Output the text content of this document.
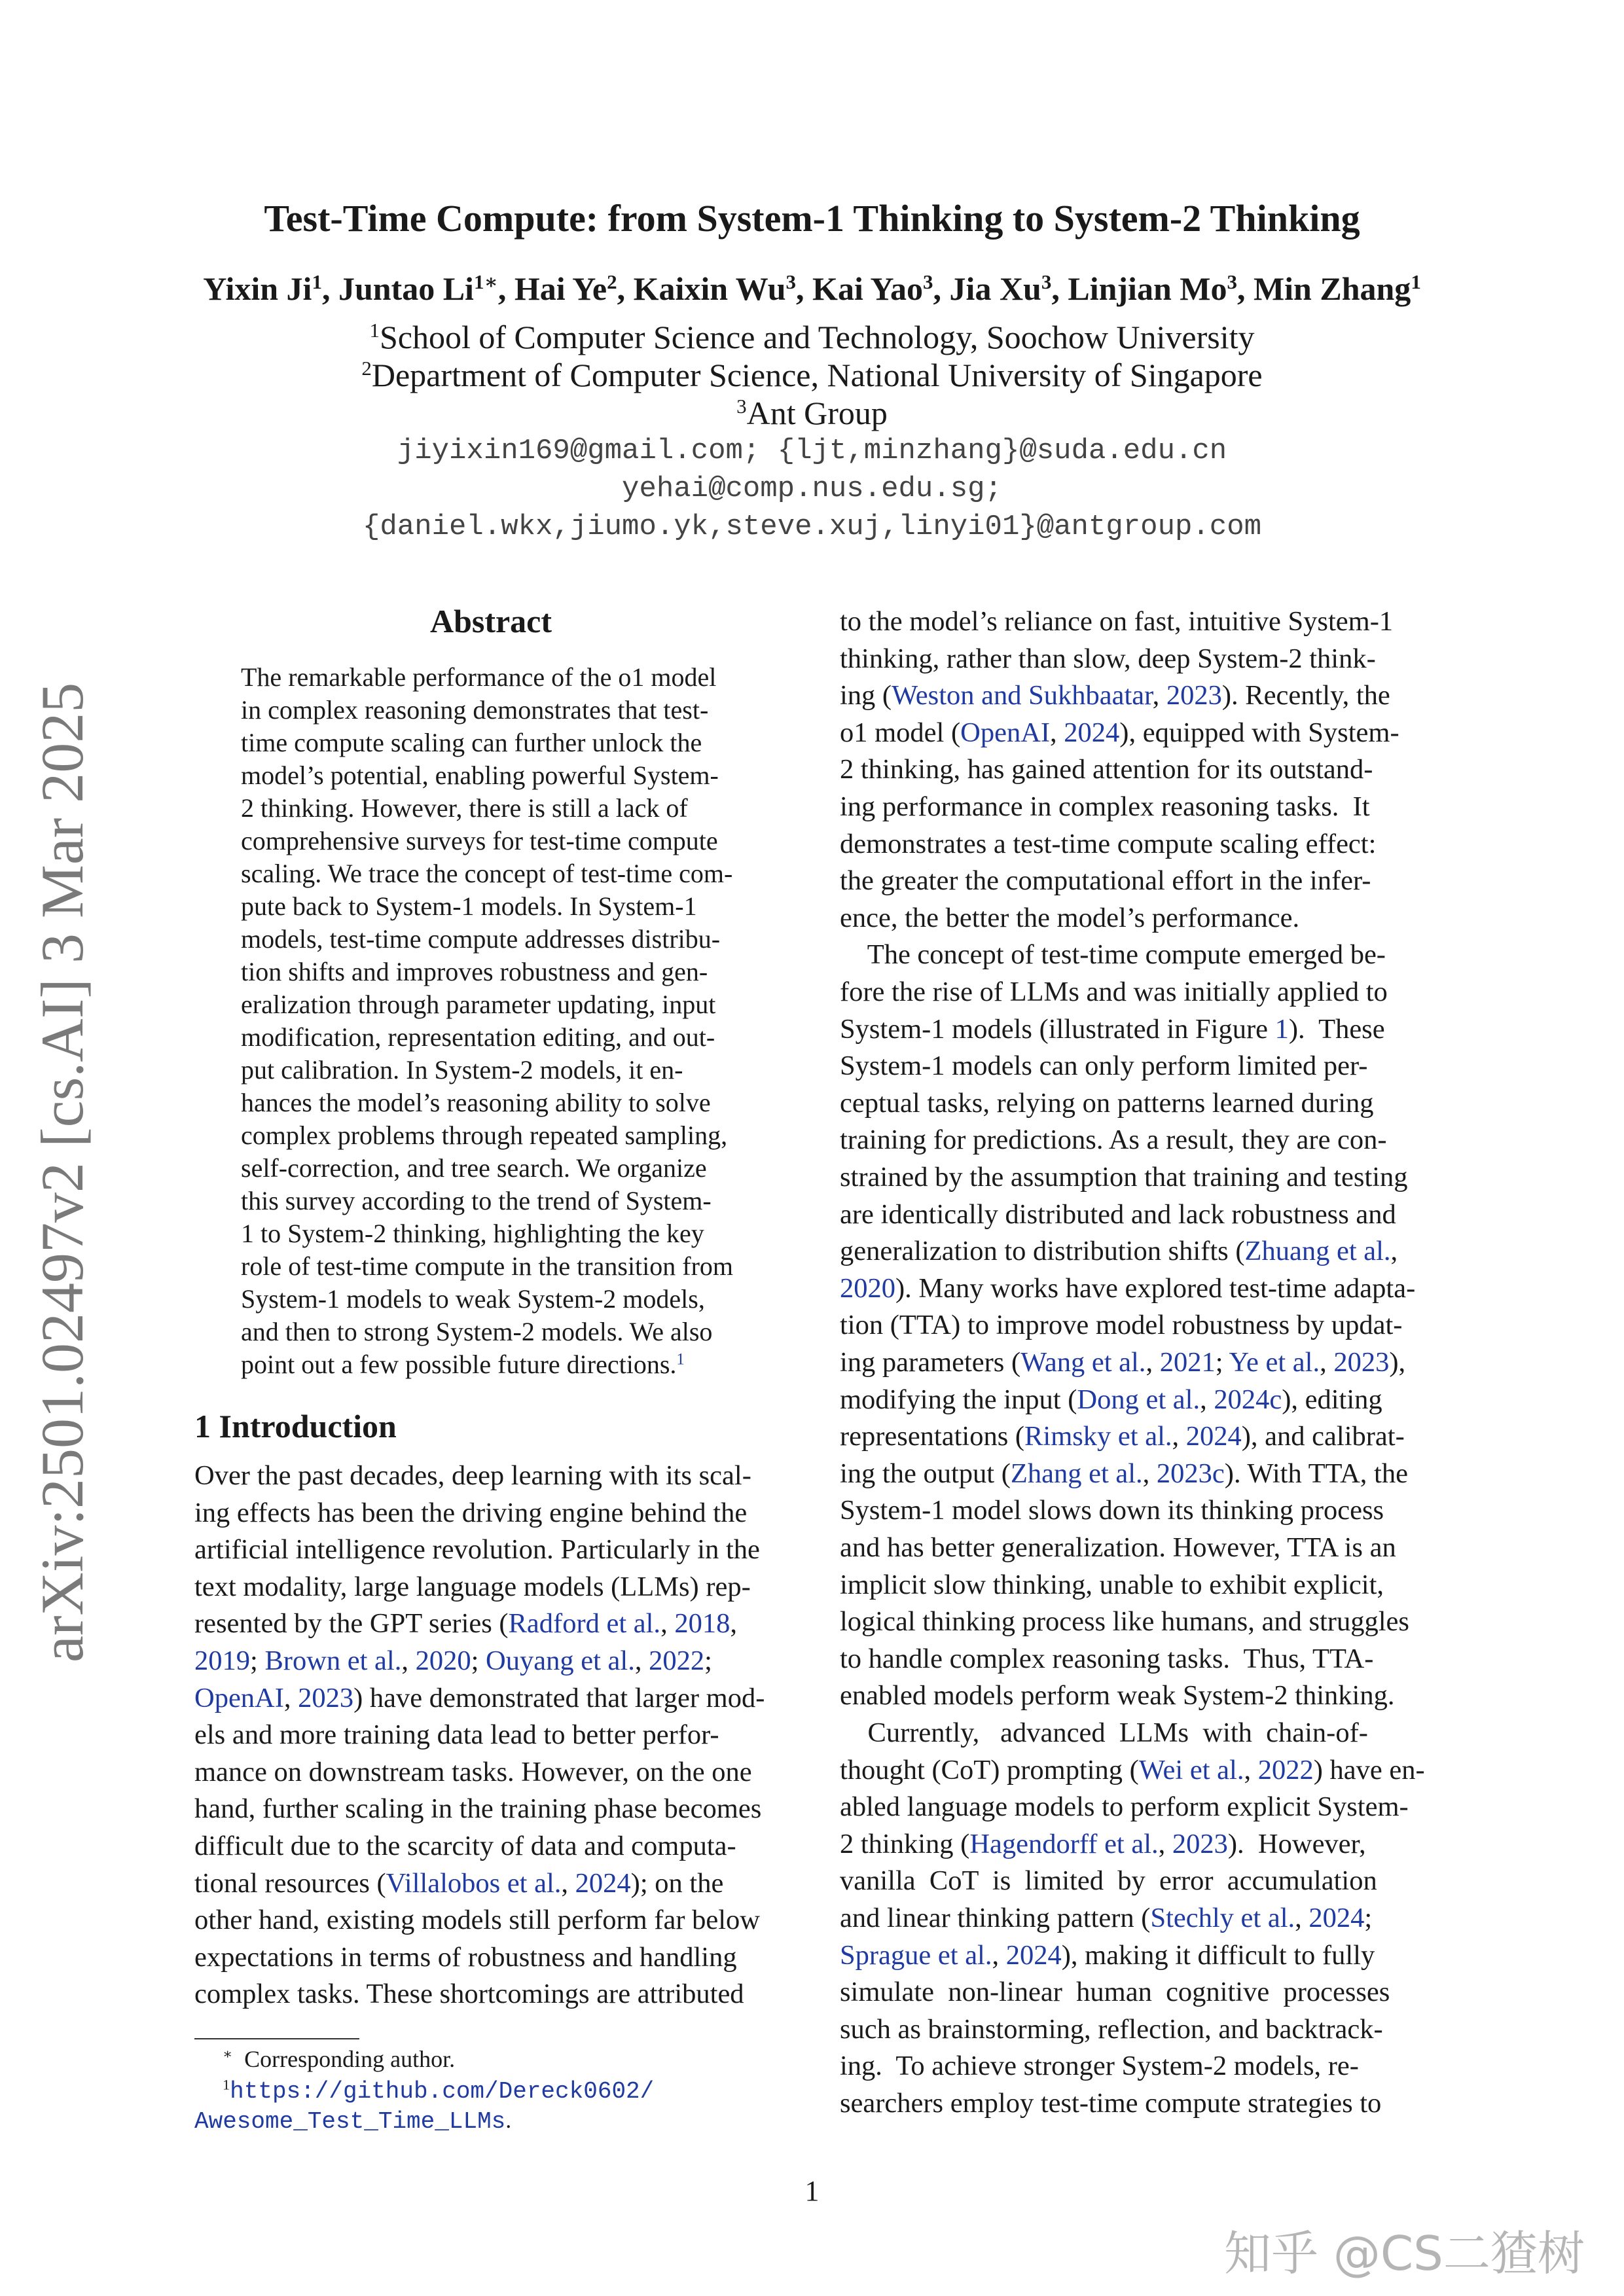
arXiv:2501.02497v2 [cs.AI] 3 Mar 2025
Test-Time Compute: from System-1 Thinking to System-2 Thinking
Yixin Ji$^1$, Juntao $Li^{1∗}$, Hai Ye$^2$, Kaixin Wu$^3$, Kai Yao$^3$, Jia Xu$^3$, Linjian Mo$^3$, Min Zhang$^1$
$^1$School of Computer Science and Technology, Soochow University
$^2$Department of Computer Science, National University of Singapore
$^3$Ant Group
jiyixin169@gmail.com; {ljt,minzhang}@suda.edu.cn
yehai@comp.nus.edu.sg;
{daniel.wkx,jiumo.yk,steve.xuj,linyi01}@antgroup.com
Abstract
The remarkable performance of the o1 model
in complex reasoning demonstrates that test-
time compute scaling can further unlock the
model’s potential, enabling powerful System-
2 thinking. However, there is still a lack of
comprehensive surveys for test-time compute
scaling. We trace the concept of test-time com-
pute back to System-1 models. In System-1
models, test-time compute addresses distribu-
tion shifts and improves robustness and gen-
eralization through parameter updating, input
modification, representation editing, and out-
put calibration. In System-2 models, it en-
hances the model’s reasoning ability to solve
complex problems through repeated sampling,
self-correction, and tree search. We organize
this survey according to the trend of System-
1 to System-2 thinking, highlighting the key
role of test-time compute in the transition from
System-1 models to weak System-2 models,
and then to strong System-2 models. We also
point out a few possible future directions.$^1$
1 Introduction
Over the past decades, deep learning with its scal-
ing effects has been the driving engine behind the
artificial intelligence revolution. Particularly in the
text modality, large language models (LLMs) rep-
resented by the GPT series (Radford et al., 2018,
2019; Brown et al., 2020; Ouyang et al., 2022;
OpenAI, 2023) have demonstrated that larger mod-
els and more training data lead to better perfor-
mance on downstream tasks. However, on the one
hand, further scaling in the training phase becomes
difficult due to the scarcity of data and computa-
tional resources (Villalobos et al., 2024); on the
other hand, existing models still perform far below
expectations in terms of robustness and handling
complex tasks. These shortcomings are attributed
to the model’s reliance on fast, intuitive System-1
thinking, rather than slow, deep System-2 think-
ing (Weston and Sukhbaatar, 2023). Recently, the
o1 model (OpenAI, 2024), equipped with System-
2 thinking, has gained attention for its outstand-
ing performance in complex reasoning tasks.  It
demonstrates a test-time compute scaling effect:
the greater the computational effort in the infer-
ence, the better the model’s performance.
The concept of test-time compute emerged be-
fore the rise of LLMs and was initially applied to
System-1 models (illustrated in Figure 1).  These
System-1 models can only perform limited per-
ceptual tasks, relying on patterns learned during
training for predictions. As a result, they are con-
strained by the assumption that training and testing
are identically distributed and lack robustness and
generalization to distribution shifts (Zhuang et al.,
2020). Many works have explored test-time adapta-
tion (TTA) to improve model robustness by updat-
ing parameters (Wang et al., 2021; Ye et al., 2023),
modifying the input (Dong et al., 2024c), editing
representations (Rimsky et al., 2024), and calibrat-
ing the output (Zhang et al., 2023c). With TTA, the
System-1 model slows down its thinking process
and has better generalization. However, TTA is an
implicit slow thinking, unable to exhibit explicit,
logical thinking process like humans, and struggles
to handle complex reasoning tasks.  Thus, TTA-
enabled models perform weak System-2 thinking.
Currently,   advanced  LLMs  with  chain-of-
thought (CoT) prompting (Wei et al., 2022) have en-
abled language models to perform explicit System-
2 thinking (Hagendorff et al., 2023).  However,
vanilla  CoT  is  limited  by  error  accumulation
and linear thinking pattern (Stechly et al., 2024;
Sprague et al., 2024), making it difficult to fully
simulate  non-linear  human  cognitive  processes
such as brainstorming, reflection, and backtrack-
ing.  To achieve stronger System-2 models, re-
searchers employ test-time compute strategies to
∗ Corresponding author.
$^1$https://github.com/Dereck0602/
Awesome_Test_Time_LLMs.
1
知乎 @CS二猹树
